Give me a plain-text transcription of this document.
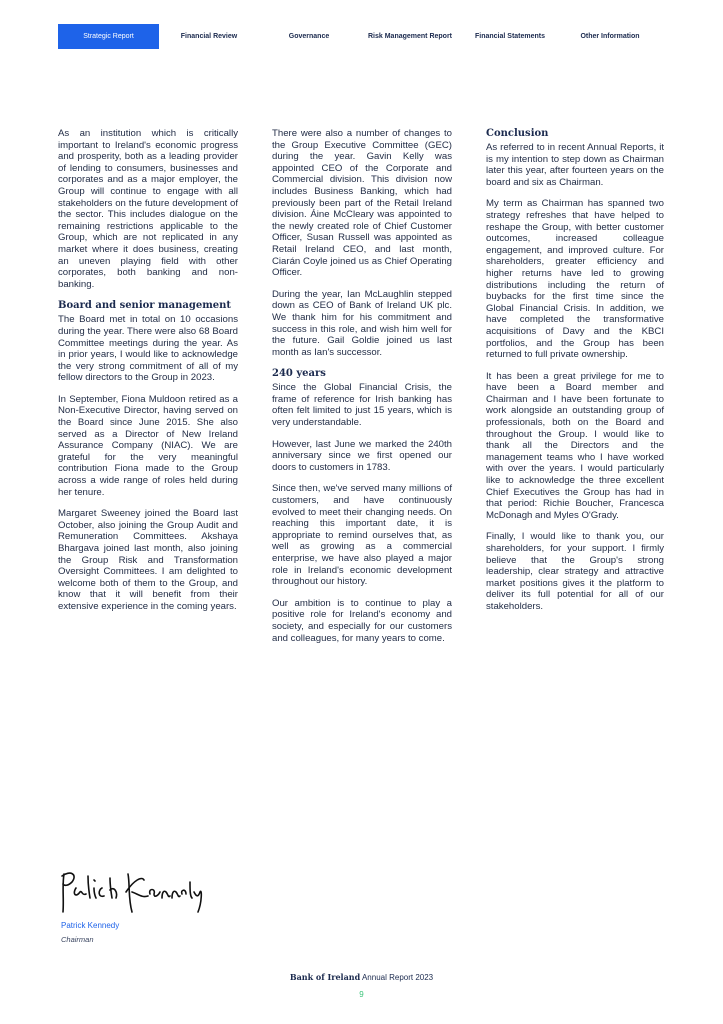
Strategic Report	Financial Review	Governance	Risk Management Report	Financial Statements	Other Information

As an institution which is critically important to Ireland's economic progress and prosperity, both as a leading provider of lending to consumers, businesses and corporates and as a major employer, the Group will continue to engage with all stakeholders on the future development of the sector. This includes dialogue on the remaining restrictions applicable to the Group, which are not replicated in any market where it does business, creating an uneven playing field with other corporates, both banking and non-banking.

Board and senior management

The Board met in total on 10 occasions during the year. There were also 68 Board Committee meetings during the year. As in prior years, I would like to acknowledge the very strong commitment of all of my fellow directors to the Group in 2023.

In September, Fiona Muldoon retired as a Non-Executive Director, having served on the Board since June 2015. She also served as a Director of New Ireland Assurance Company (NIAC). We are grateful for the very meaningful contribution Fiona made to the Group across a wide range of roles held during her tenure.

Margaret Sweeney joined the Board last October, also joining the Group Audit and Remuneration Committees. Akshaya Bhargava joined last month, also joining the Group Risk and Transformation Oversight Committees. I am delighted to welcome both of them to the Group, and know that it will benefit from their extensive experience in the coming years.

There were also a number of changes to the Group Executive Committee (GEC) during the year. Gavin Kelly was appointed CEO of the Corporate and Commercial division. This division now includes Business Banking, which had previously been part of the Retail Ireland division. Áine McCleary was appointed to the newly created role of Chief Customer Officer, Susan Russell was appointed as Retail Ireland CEO, and last month, Ciarán Coyle joined us as Chief Operating Officer.

During the year, Ian McLaughlin stepped down as CEO of Bank of Ireland UK plc. We thank him for his commitment and success in this role, and wish him well for the future. Gail Goldie joined us last month as Ian's successor.

240 years

Since the Global Financial Crisis, the frame of reference for Irish banking has often felt limited to just 15 years, which is very understandable.

However, last June we marked the 240th anniversary since we first opened our doors to customers in 1783.

Since then, we've served many millions of customers, and have continuously evolved to meet their changing needs. On reaching this important date, it is appropriate to remind ourselves that, as well as growing as a commercial enterprise, we have also played a major role in Ireland's economic development throughout our history.

Our ambition is to continue to play a positive role for Ireland's economy and society, and especially for our customers and colleagues, for many years to come.

Conclusion

As referred to in recent Annual Reports, it is my intention to step down as Chairman later this year, after fourteen years on the board and six as Chairman.

My term as Chairman has spanned two strategy refreshes that have helped to reshape the Group, with better customer outcomes, increased colleague engagement, and improved culture. For shareholders, greater efficiency and higher returns have led to growing distributions including the return of buybacks for the first time since the Global Financial Crisis. In addition, we have completed the transformative acquisitions of Davy and the KBCI portfolios, and the Group has been returned to full private ownership.

It has been a great privilege for me to have been a Board member and Chairman and I have been fortunate to work alongside an outstanding group of professionals, both on the Board and throughout the Group. I would like to thank all the Directors and the management teams who I have worked with over the years. I would particularly like to acknowledge the three excellent Chief Executives the Group has had in that period: Richie Boucher, Francesca McDonagh and Myles O'Grady.

Finally, I would like to thank you, our shareholders, for your support. I firmly believe that the Group's strong leadership, clear strategy and attractive market positions gives it the platform to deliver its full potential for all of our stakeholders.

Patrick Kennedy
Chairman
Bank of Ireland Annual Report 2023
9
